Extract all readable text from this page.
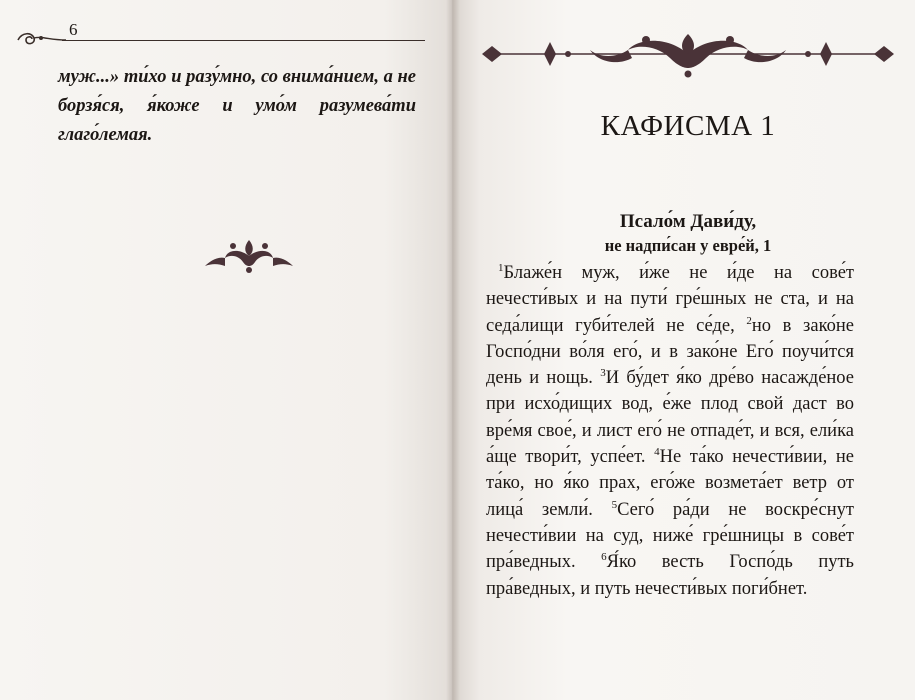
6
муж...» ти́хо и разу́мно, со внима́нием, а не борзя́ся, я́коже и умо́м разумева́ти глаго́лемая.	КАФИСМА 1
Псало́м Дави́ду,
не надпи́сан у евре́й, 1
$^1$Блаже́н муж, и́же не и́де на сове́т нечести́вых и на пути́ гре́шных не ста, и на седа́лищи губи́телей не се́де, $^2$но в зако́не Госпо́дни во́ля его́, и в зако́не Его́ поучи́тся день и нощь. $^3$И бу́дет я́ко дре́во насажде́ное при исхо́дищих вод, е́же плод свой даст во вре́мя свое́, и лист его́ не отпаде́т, и вся, ели́ка а́ще твори́т, успе́ет. $^4$Не та́ко нечести́вии, не та́ко, но я́ко прах, его́же возмета́ет ветр от лица́ земли́. $^5$Сего́ ра́ди не воскре́снут нечести́вии на суд, ниже́ гре́шницы в сове́т пра́ведных. $^6$Я́ко весть Госпо́дь путь пра́ведных, и путь нечести́вых поги́бнет.
